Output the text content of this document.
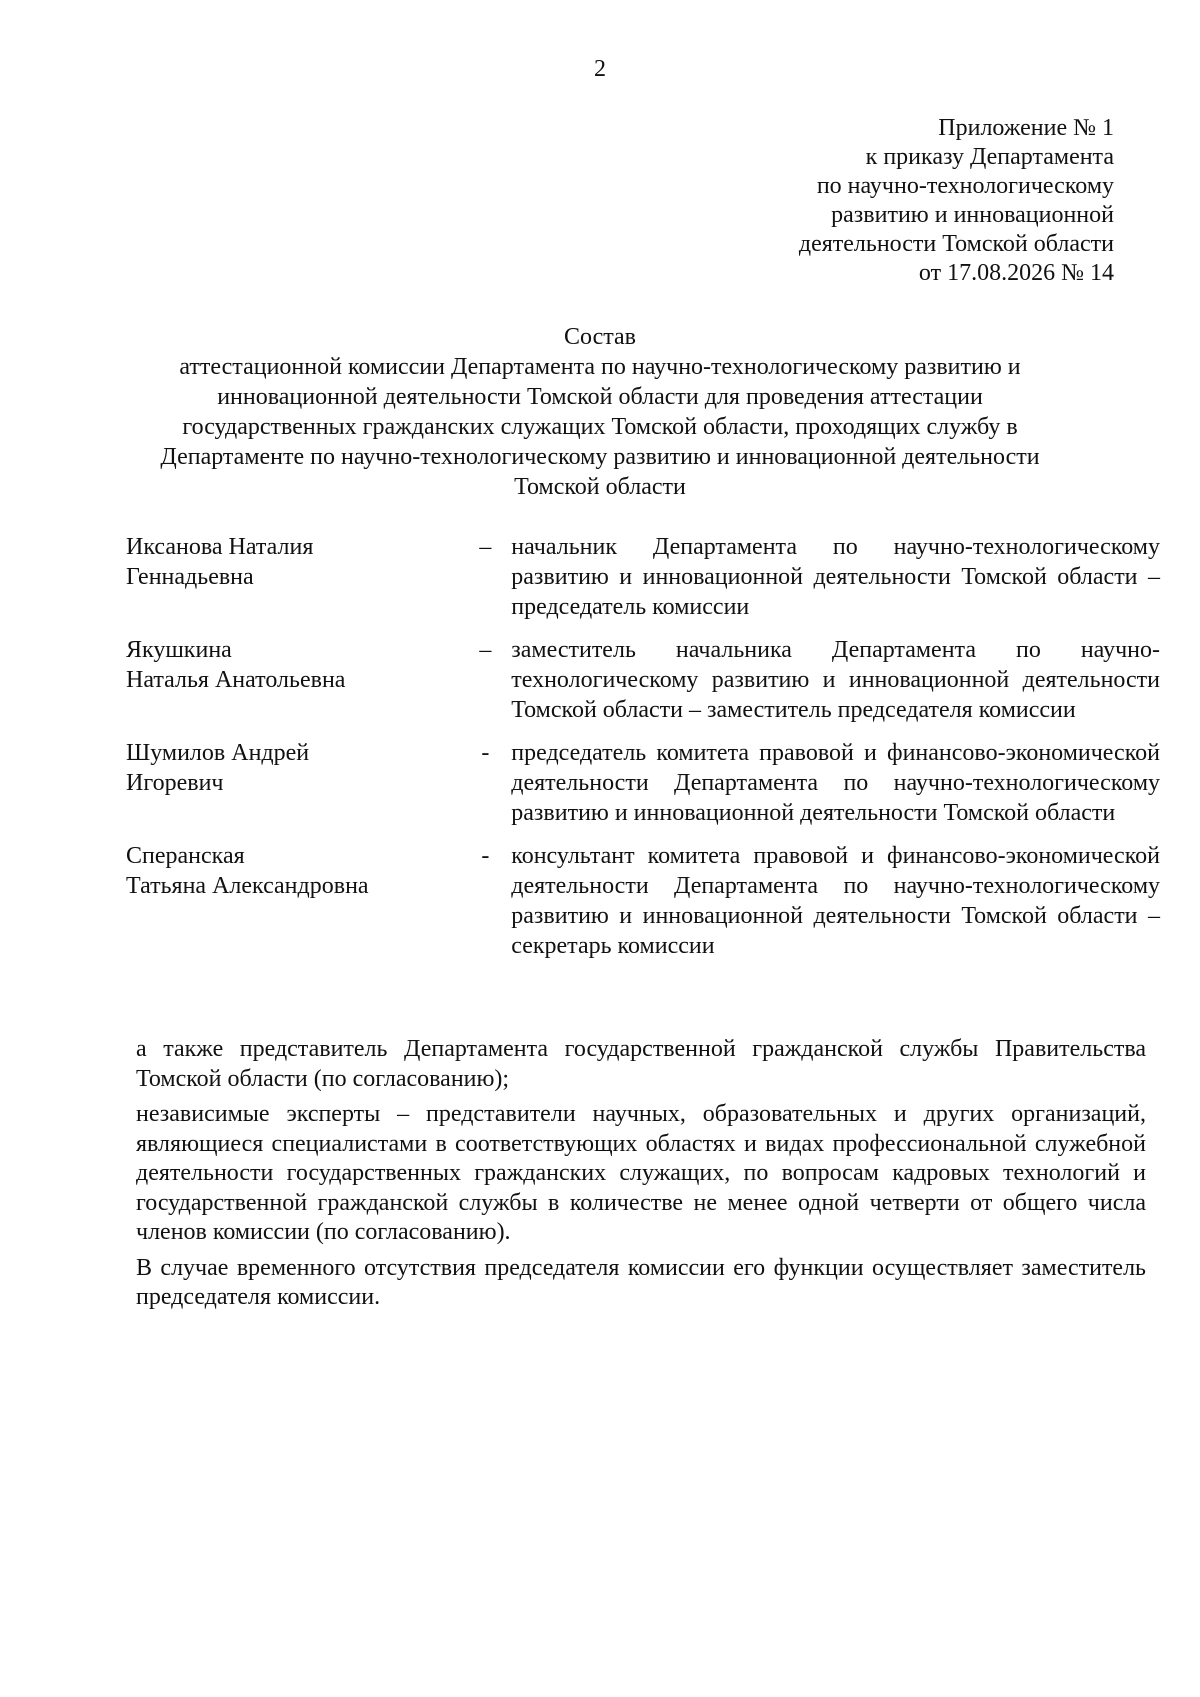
2
Приложение № 1
к приказу Департамента
по научно-технологическому
развитию и инновационной
деятельности Томской области
от 17.08.2026 № 14
Состав
аттестационной комиссии Департамента по научно-технологическому развитию и
инновационной деятельности Томской области для проведения аттестации
государственных гражданских служащих Томской области, проходящих службу в
Департаменте по научно-технологическому развитию и инновационной деятельности
Томской области
Иксанова Наталия
Геннадьевна
– начальник Департамента по научно-технологическому развитию и инновационной деятельности Томской области – председатель комиссии
Якушкина
Наталья Анатольевна
– заместитель начальника Департамента по научно-технологическому развитию и инновационной деятельности Томской области – заместитель председателя комиссии
Шумилов Андрей
Игоревич
- председатель комитета правовой и финансово-экономической деятельности Департамента по научно-технологическому развитию и инновационной деятельности Томской области
Сперанская
Татьяна Александровна
- консультант комитета правовой и финансово-экономической деятельности Департамента по научно-технологическому развитию и инновационной деятельности Томской области – секретарь комиссии

а также представитель Департамента государственной гражданской службы Правительства Томской области (по согласованию);

независимые эксперты – представители научных, образовательных и других организаций, являющиеся специалистами в соответствующих областях и видах профессиональной служебной деятельности государственных гражданских служащих, по вопросам кадровых технологий и государственной гражданской службы в количестве не менее одной четверти от общего числа членов комиссии (по согласованию).

В случае временного отсутствия председателя комиссии его функции осуществляет заместитель председателя комиссии.
